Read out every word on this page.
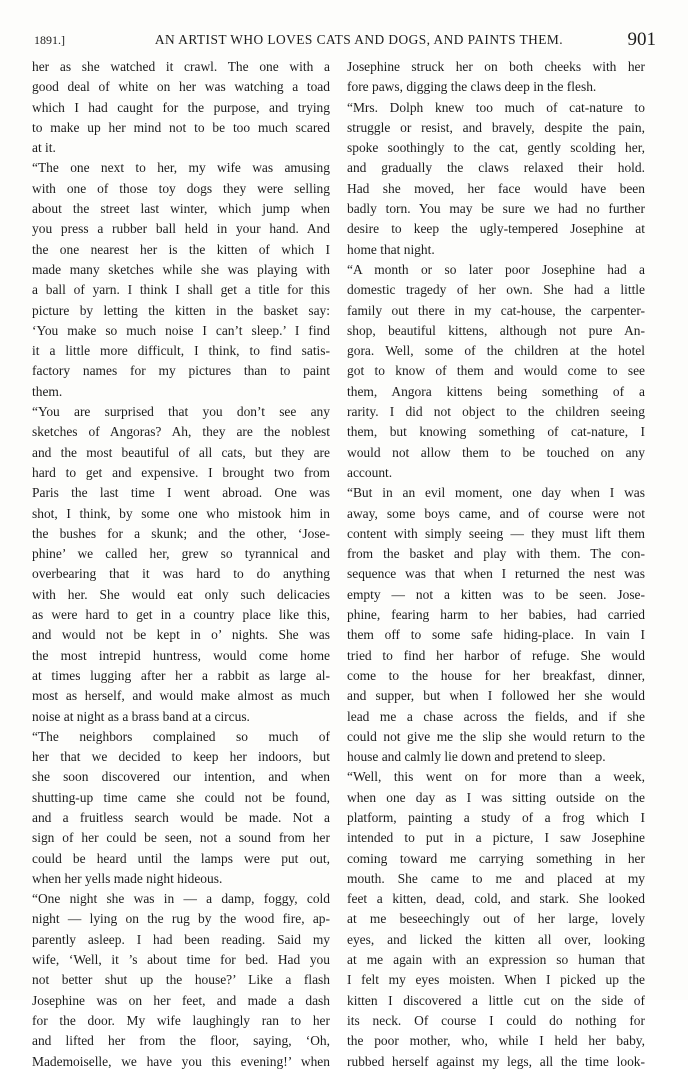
1891.]	AN ARTIST WHO LOVES CATS AND DOGS, AND PAINTS THEM.	901
her as she watched it crawl. The one with a
good deal of white on her was watching a toad
which I had caught for the purpose, and trying
to make up her mind not to be too much scared
at it.
“The one next to her, my wife was amusing
with one of those toy dogs they were selling
about the street last winter, which jump when
you press a rubber ball held in your hand. And
the one nearest her is the kitten of which I
made many sketches while she was playing with
a ball of yarn. I think I shall get a title for this
picture by letting the kitten in the basket say:
‘You make so much noise I can’t sleep.’ I find
it a little more difficult, I think, to find satis-
factory names for my pictures than to paint
them.
“You are surprised that you don’t see any
sketches of Angoras? Ah, they are the noblest
and the most beautiful of all cats, but they are
hard to get and expensive. I brought two from
Paris the last time I went abroad. One was
shot, I think, by some one who mistook him in
the bushes for a skunk; and the other, ‘Jose-
phine’ we called her, grew so tyrannical and
overbearing that it was hard to do anything
with her. She would eat only such delicacies
as were hard to get in a country place like this,
and would not be kept in o’ nights. She was
the most intrepid huntress, would come home
at times lugging after her a rabbit as large al-
most as herself, and would make almost as much
noise at night as a brass band at a circus.
“The neighbors complained so much of
her that we decided to keep her indoors, but
she soon discovered our intention, and when
shutting-up time came she could not be found,
and a fruitless search would be made. Not a
sign of her could be seen, not a sound from her
could be heard until the lamps were put out,
when her yells made night hideous.
“One night she was in — a damp, foggy, cold
night — lying on the rug by the wood fire, ap-
parently asleep. I had been reading. Said my
wife, ‘Well, it ’s about time for bed. Had you
not better shut up the house?’ Like a flash
Josephine was on her feet, and made a dash
for the door. My wife laughingly ran to her
and lifted her from the floor, saying, ‘Oh,
Mademoiselle, we have you this evening!’ when
Josephine struck her on both cheeks with her
fore paws, digging the claws deep in the flesh.
“Mrs. Dolph knew too much of cat-nature to
struggle or resist, and bravely, despite the pain,
spoke soothingly to the cat, gently scolding her,
and gradually the claws relaxed their hold.
Had she moved, her face would have been
badly torn. You may be sure we had no further
desire to keep the ugly-tempered Josephine at
home that night.
“A month or so later poor Josephine had a
domestic tragedy of her own. She had a little
family out there in my cat-house, the carpenter-
shop, beautiful kittens, although not pure An-
gora. Well, some of the children at the hotel
got to know of them and would come to see
them, Angora kittens being something of a
rarity. I did not object to the children seeing
them, but knowing something of cat-nature, I
would not allow them to be touched on any
account.
“But in an evil moment, one day when I was
away, some boys came, and of course were not
content with simply seeing — they must lift them
from the basket and play with them. The con-
sequence was that when I returned the nest was
empty — not a kitten was to be seen. Jose-
phine, fearing harm to her babies, had carried
them off to some safe hiding-place. In vain I
tried to find her harbor of refuge. She would
come to the house for her breakfast, dinner,
and supper, but when I followed her she would
lead me a chase across the fields, and if she
could not give me the slip she would return to the
house and calmly lie down and pretend to sleep.
“Well, this went on for more than a week,
when one day as I was sitting outside on the
platform, painting a study of a frog which I
intended to put in a picture, I saw Josephine
coming toward me carrying something in her
mouth. She came to me and placed at my
feet a kitten, dead, cold, and stark. She looked
at me beseechingly out of her large, lovely
eyes, and licked the kitten all over, looking
at me again with an expression so human that
I felt my eyes moisten. When I picked up the
kitten I discovered a little cut on the side of
its neck. Of course I could do nothing for
the poor mother, who, while I held her baby,
rubbed herself against my legs, all the time look-
